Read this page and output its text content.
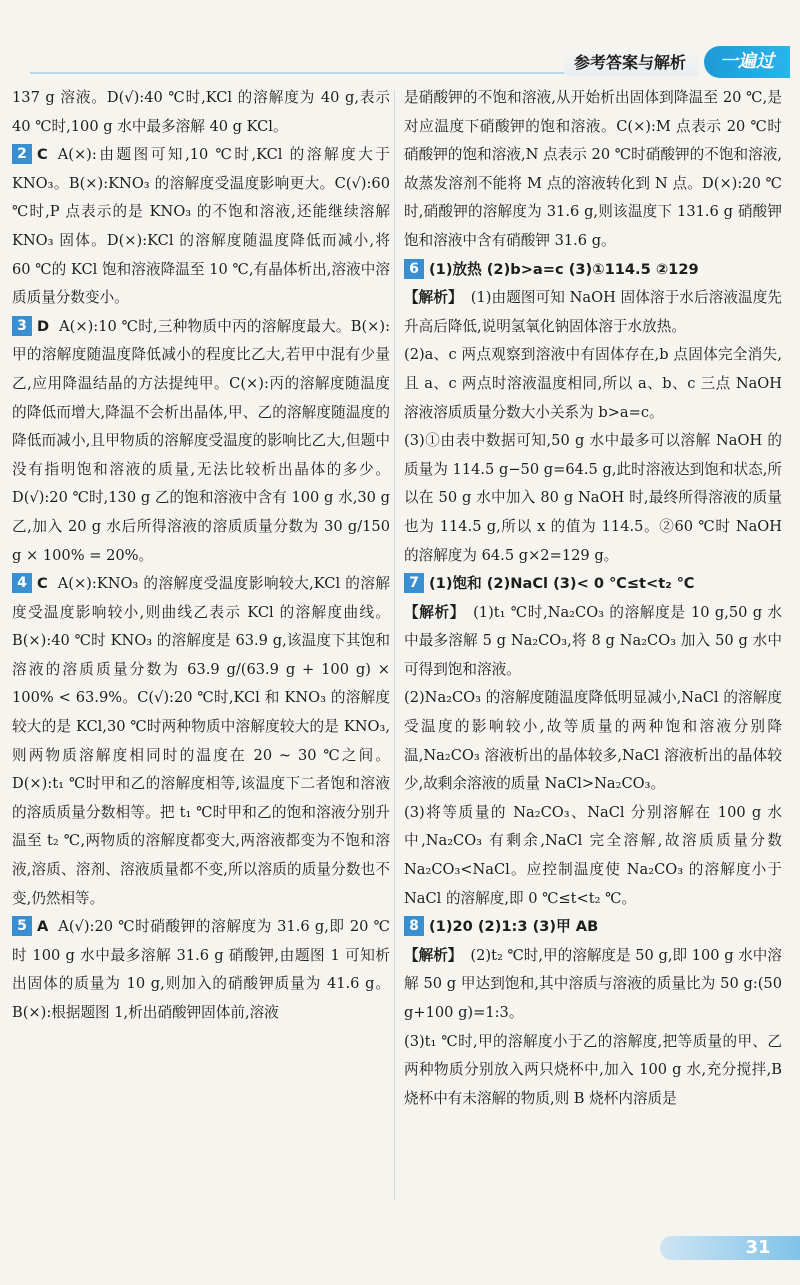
参考答案与解析	一遍过

137 g 溶液。D(√):40 ℃时,KCl 的溶解度为 40 g,表示 40 ℃时,100 g 水中最多溶解 40 g KCl。

2 C A(×):由题图可知,10 ℃时,KCl 的溶解度大于 KNO₃。B(×):KNO₃ 的溶解度受温度影响更大。C(√):60 ℃时,P 点表示的是 KNO₃ 的不饱和溶液,还能继续溶解 KNO₃ 固体。D(×):KCl 的溶解度随温度降低而减小,将 60 ℃的 KCl 饱和溶液降温至 10 ℃,有晶体析出,溶液中溶质质量分数变小。

3 D A(×):10 ℃时,三种物质中丙的溶解度最大。B(×):甲的溶解度随温度降低减小的程度比乙大,若甲中混有少量乙,应用降温结晶的方法提纯甲。C(×):丙的溶解度随温度的降低而增大,降温不会析出晶体,甲、乙的溶解度随温度的降低而减小,且甲物质的溶解度受温度的影响比乙大,但题中没有指明饱和溶液的质量,无法比较析出晶体的多少。D(√):20 ℃时,130 g 乙的饱和溶液中含有 100 g 水,30 g 乙,加入 20 g 水后所得溶液的溶质质量分数为 30 g/150 g × 100% = 20%。

4 C A(×):KNO₃ 的溶解度受温度影响较大,KCl 的溶解度受温度影响较小,则曲线乙表示 KCl 的溶解度曲线。B(×):40 ℃时 KNO₃ 的溶解度是 63.9 g,该温度下其饱和溶液的溶质质量分数为 63.9 g/(63.9 g + 100 g) × 100% < 63.9%。C(√):20 ℃时,KCl 和 KNO₃ 的溶解度较大的是 KCl,30 ℃时两种物质中溶解度较大的是 KNO₃,则两物质溶解度相同时的温度在 20 ~ 30 ℃之间。D(×):t₁ ℃时甲和乙的溶解度相等,该温度下二者饱和溶液的溶质质量分数相等。把 t₁ ℃时甲和乙的饱和溶液分别升温至 t₂ ℃,两物质的溶解度都变大,两溶液都变为不饱和溶液,溶质、溶剂、溶液质量都不变,所以溶质的质量分数也不变,仍然相等。

5 A A(√):20 ℃时硝酸钾的溶解度为 31.6 g,即 20 ℃时 100 g 水中最多溶解 31.6 g 硝酸钾,由题图 1 可知析出固体的质量为 10 g,则加入的硝酸钾质量为 41.6 g。B(×):根据题图 1,析出硝酸钾固体前,溶液

是硝酸钾的不饱和溶液,从开始析出固体到降温至 20 ℃,是对应温度下硝酸钾的饱和溶液。C(×):M 点表示 20 ℃时硝酸钾的饱和溶液,N 点表示 20 ℃时硝酸钾的不饱和溶液,故蒸发溶剂不能将 M 点的溶液转化到 N 点。D(×):20 ℃时,硝酸钾的溶解度为 31.6 g,则该温度下 131.6 g 硝酸钾饱和溶液中含有硝酸钾 31.6 g。

6 (1)放热 (2)b>a=c (3)①114.5 ②129

【解析】 (1)由题图可知 NaOH 固体溶于水后溶液温度先升高后降低,说明氢氧化钠固体溶于水放热。

(2)a、c 两点观察到溶液中有固体存在,b 点固体完全消失,且 a、c 两点时溶液温度相同,所以 a、b、c 三点 NaOH 溶液溶质质量分数大小关系为 b>a=c。

(3)①由表中数据可知,50 g 水中最多可以溶解 NaOH 的质量为 114.5 g−50 g=64.5 g,此时溶液达到饱和状态,所以在 50 g 水中加入 80 g NaOH 时,最终所得溶液的质量也为 114.5 g,所以 x 的值为 114.5。②60 ℃时 NaOH 的溶解度为 64.5 g×2=129 g。

7 (1)饱和 (2)NaCl (3)< 0 ℃≤t<t₂ ℃

【解析】 (1)t₁ ℃时,Na₂CO₃ 的溶解度是 10 g,50 g 水中最多溶解 5 g Na₂CO₃,将 8 g Na₂CO₃ 加入 50 g 水中可得到饱和溶液。

(2)Na₂CO₃ 的溶解度随温度降低明显减小,NaCl 的溶解度受温度的影响较小,故等质量的两种饱和溶液分别降温,Na₂CO₃ 溶液析出的晶体较多,NaCl 溶液析出的晶体较少,故剩余溶液的质量 NaCl>Na₂CO₃。

(3)将等质量的 Na₂CO₃、NaCl 分别溶解在 100 g 水中,Na₂CO₃ 有剩余,NaCl 完全溶解,故溶质质量分数 Na₂CO₃<NaCl。应控制温度使 Na₂CO₃ 的溶解度小于 NaCl 的溶解度,即 0 ℃≤t<t₂ ℃。

8 (1)20 (2)1:3 (3)甲 AB

【解析】 (2)t₂ ℃时,甲的溶解度是 50 g,即 100 g 水中溶解 50 g 甲达到饱和,其中溶质与溶液的质量比为 50 g:(50 g+100 g)=1:3。

(3)t₁ ℃时,甲的溶解度小于乙的溶解度,把等质量的甲、乙两种物质分别放入两只烧杯中,加入 100 g 水,充分搅拌,B 烧杯中有未溶解的物质,则 B 烧杯内溶质是

31
